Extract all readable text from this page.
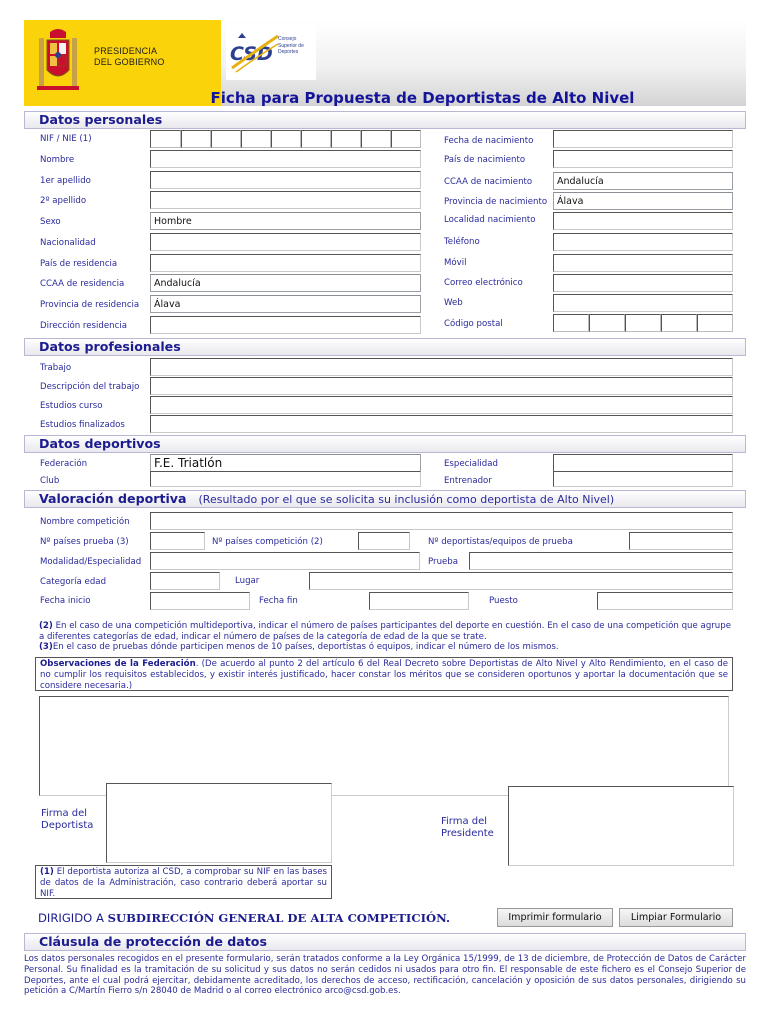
PRESIDENCIA
DEL GOBIERNO	CSD
Consejo
Superior de
Deportes
Ficha para Propuesta de Deportistas de Alto Nivel
Datos personales
NIF / NIE (1)
Nombre
1er apellido
2º apellido
Sexo	Hombre
Nacionalidad
País de residencia
CCAA de residencia	Andalucía
Provincia de residencia	Álava
Dirección residencia
Fecha de nacimiento
País de nacimiento
CCAA de nacimiento	Andalucía
Provincia de nacimiento	Álava
Localidad nacimiento
Teléfono
Móvil
Correo electrónico
Web
Código postal
Datos profesionales
Trabajo
Descripción del trabajo
Estudios curso
Estudios finalizados
Datos deportivos
Federación	F.E. Triatlón
Club
Especialidad
Entrenador
Valoración deportiva (Resultado por el que se solicita su inclusión como deportista de Alto Nivel)
Nombre competición
Nº países prueba (3)	Nº países competición (2)	Nº deportistas/equipos de prueba
Modalidad/Especialidad	Prueba
Categoría edad	Lugar
Fecha inicio	Fecha fin	Puesto
(2) En el caso de una competición multideportiva, indicar el número de países participantes del deporte en cuestión. En el caso de una competición que agrupe a diferentes categorías de edad, indicar el número de países de la categoría de edad de la que se trate.
(3)En el caso de pruebas dónde participen menos de 10 países, deportistas ó equipos, indicar el número de los mismos.
Observaciones de la Federación. (De acuerdo al punto 2 del artículo 6 del Real Decreto sobre Deportistas de Alto Nivel y Alto Rendimiento, en el caso de no cumplir los requisitos establecidos, y existir interés justificado, hacer constar los méritos que se consideren oportunos y aportar la documentación que se considere necesaria.)
Firma del
Deportista	Firma del
Presidente
(1) El deportista autoriza al CSD, a comprobar su NIF en las bases de datos de la Administración, caso contrario deberá aportar su NIF.
DIRIGIDO A SUBDIRECCIÓN GENERAL DE ALTA COMPETICIÓN.	Imprimir formulario	Limpiar Formulario
Cláusula de protección de datos
Los datos personales recogidos en el presente formulario, serán tratados conforme a la Ley Orgánica 15/1999, de 13 de diciembre, de Protección de Datos de Carácter Personal. Su finalidad es la tramitación de su solicitud y sus datos no serán cedidos ni usados para otro fin. El responsable de este fichero es el Consejo Superior de Deportes, ante el cual podrá ejercitar, debidamente acreditado, los derechos de acceso, rectificación, cancelación y oposición de sus datos personales, dirigiendo su petición a C/Martín Fierro s/n 28040 de Madrid o al correo electrónico arco@csd.gob.es.
